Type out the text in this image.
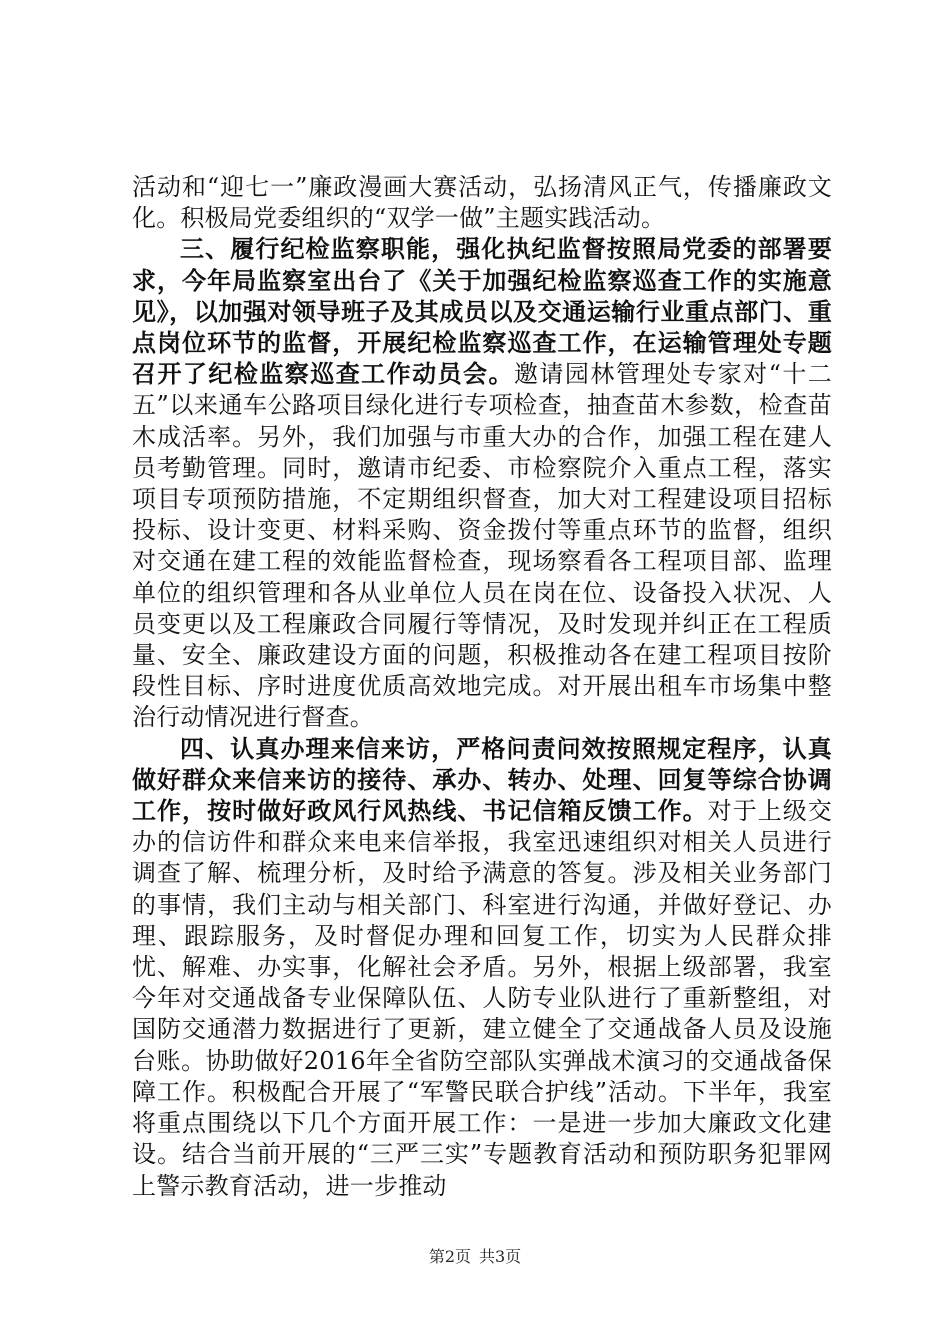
活动和“迎七一”廉政漫画大赛活动，弘扬清风正气，传播廉政文化。积极局党委组织的“双学一做”主题实践活动。

三、履行纪检监察职能，强化执纪监督按照局党委的部署要求，今年局监察室出台了《关于加强纪检监察巡查工作的实施意见》，以加强对领导班子及其成员以及交通运输行业重点部门、重点岗位环节的监督，开展纪检监察巡查工作，在运输管理处专题召开了纪检监察巡查工作动员会。邀请园林管理处专家对“十二五”以来通车公路项目绿化进行专项检查，抽查苗木参数，检查苗木成活率。另外，我们加强与市重大办的合作，加强工程在建人员考勤管理。同时，邀请市纪委、市检察院介入重点工程，落实项目专项预防措施，不定期组织督查，加大对工程建设项目招标投标、设计变更、材料采购、资金拨付等重点环节的监督，组织对交通在建工程的效能监督检查，现场察看各工程项目部、监理单位的组织管理和各从业单位人员在岗在位、设备投入状况、人员变更以及工程廉政合同履行等情况，及时发现并纠正在工程质量、安全、廉政建设方面的问题，积极推动各在建工程项目按阶段性目标、序时进度优质高效地完成。对开展出租车市场集中整治行动情况进行督查。

四、认真办理来信来访，严格问责问效按照规定程序，认真做好群众来信来访的接待、承办、转办、处理、回复等综合协调工作，按时做好政风行风热线、书记信箱反馈工作。对于上级交办的信访件和群众来电来信举报，我室迅速组织对相关人员进行调查了解、梳理分析，及时给予满意的答复。涉及相关业务部门的事情，我们主动与相关部门、科室进行沟通，并做好登记、办理、跟踪服务，及时督促办理和回复工作，切实为人民群众排忧、解难、办实事，化解社会矛盾。另外，根据上级部署，我室今年对交通战备专业保障队伍、人防专业队进行了重新整组，对国防交通潜力数据进行了更新，建立健全了交通战备人员及设施台账。协助做好2016年全省防空部队实弹战术演习的交通战备保障工作。积极配合开展了“军警民联合护线”活动。下半年，我室将重点围绕以下几个方面开展工作：一是进一步加大廉政文化建设。结合当前开展的“三严三实”专题教育活动和预防职务犯罪网上警示教育活动，进一步推动

第2页 共3页
